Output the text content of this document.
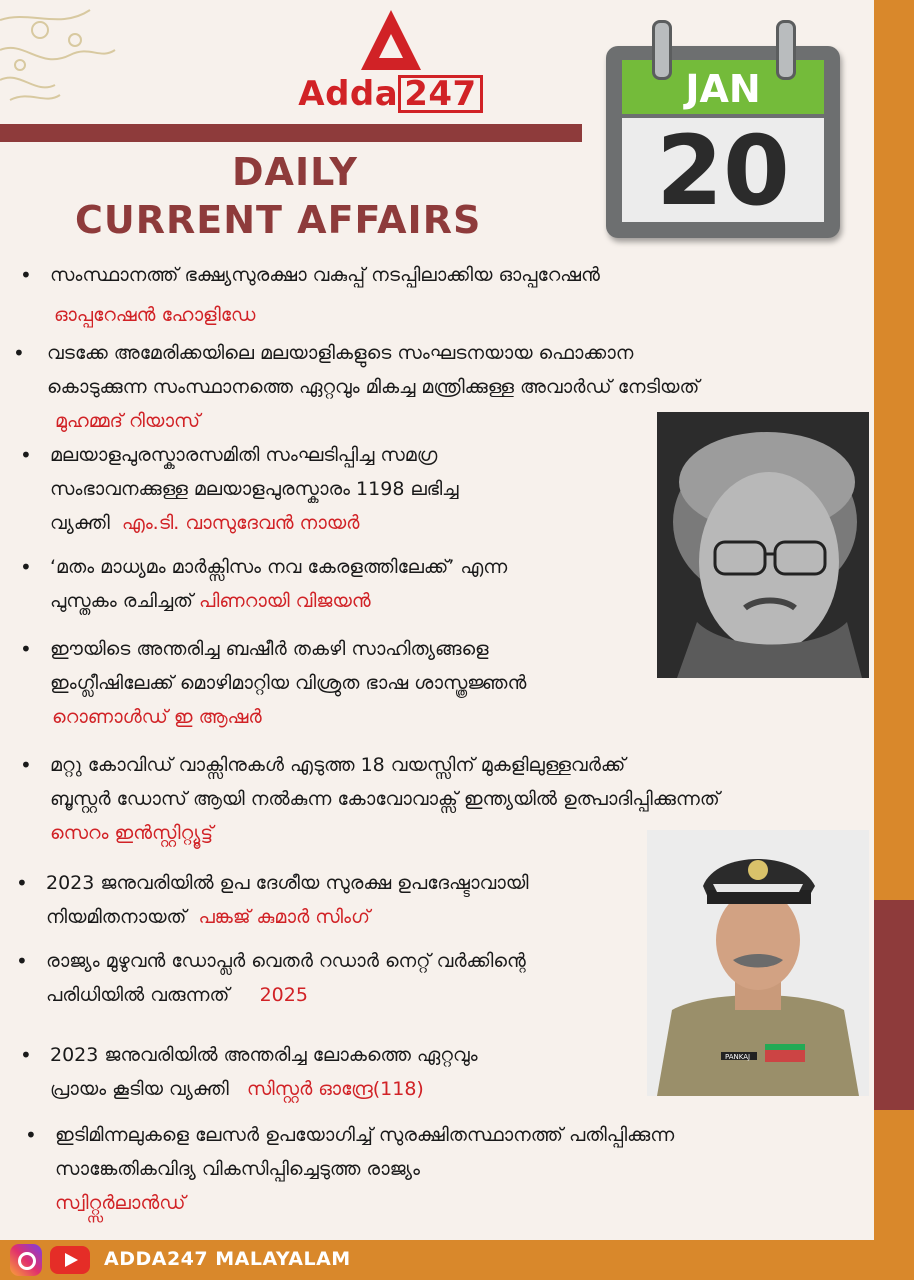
Adda 247
DAILY
CURRENT AFFAIRS
JAN
20
PANKAJ
• സംസ്ഥാനത്ത് ഭക്ഷ്യസുരക്ഷാ വകുപ്പ് നടപ്പിലാക്കിയ ഓപ്പറേഷൻ
ഓപ്പറേഷൻ ഹോളിഡേ
• വടക്കേ അമേരിക്കയിലെ മലയാളികളുടെ സംഘടനയായ ഫൊക്കാന
കൊടുക്കുന്ന സംസ്ഥാനത്തെ ഏറ്റവും മികച്ച മന്ത്രിക്കുള്ള അവാർഡ് നേടിയത്
മുഹമ്മദ് റിയാസ്
• മലയാളപുരസ്കാരസമിതി സംഘടിപ്പിച്ച സമഗ്ര
സംഭാവനക്കുള്ള മലയാളപുരസ്കാരം 1198 ലഭിച്ച
വ്യക്തി എം.ടി. വാസുദേവൻ നായർ
• ‘മതം മാധ്യമം മാർക്സിസം നവ കേരളത്തിലേക്ക്’ എന്ന
പുസ്തകം രചിച്ചത് പിണറായി വിജയൻ
• ഈയിടെ അന്തരിച്ച ബഷീർ തകഴി സാഹിത്യങ്ങളെ
ഇംഗ്ലീഷിലേക്ക് മൊഴിമാറ്റിയ വിശ്രുത ഭാഷ ശാസ്ത്രജ്ഞൻ
റൊണാൾഡ് ഇ ആഷർ
• മറ്റു കോവിഡ് വാക്സിനുകൾ എടുത്ത 18 വയസ്സിന് മുകളിലുള്ളവർക്ക്
ബൂസ്റ്റർ ഡോസ് ആയി നൽകുന്ന കോവോവാക്സ് ഇന്ത്യയിൽ ഉത്പാദിപ്പിക്കുന്നത്
സെറം ഇൻസ്റ്റിറ്റ്യൂട്ട്
• 2023 ജനുവരിയിൽ ഉപ ദേശീയ സുരക്ഷ ഉപദേഷ്ടാവായി
നിയമിതനായത് പങ്കജ് കുമാർ സിംഗ്
• രാജ്യം മുഴുവൻ ഡോപ്ലർ വെതർ റഡാർ നെറ്റ് വർക്കിന്റെ
പരിധിയിൽ വരുന്നത് 2025
• 2023 ജനുവരിയിൽ അന്തരിച്ച ലോകത്തെ ഏറ്റവും
പ്രായം കൂടിയ വ്യക്തി സിസ്റ്റർ ഓന്ദ്രേ(118)
• ഇടിമിന്നലുകളെ ലേസർ ഉപയോഗിച്ച് സുരക്ഷിതസ്ഥാനത്ത് പതിപ്പിക്കുന്ന
സാങ്കേതികവിദ്യ വികസിപ്പിച്ചെടുത്ത രാജ്യം
സ്വിറ്റ്സർലാൻഡ്
ADDA247 MALAYALAM
